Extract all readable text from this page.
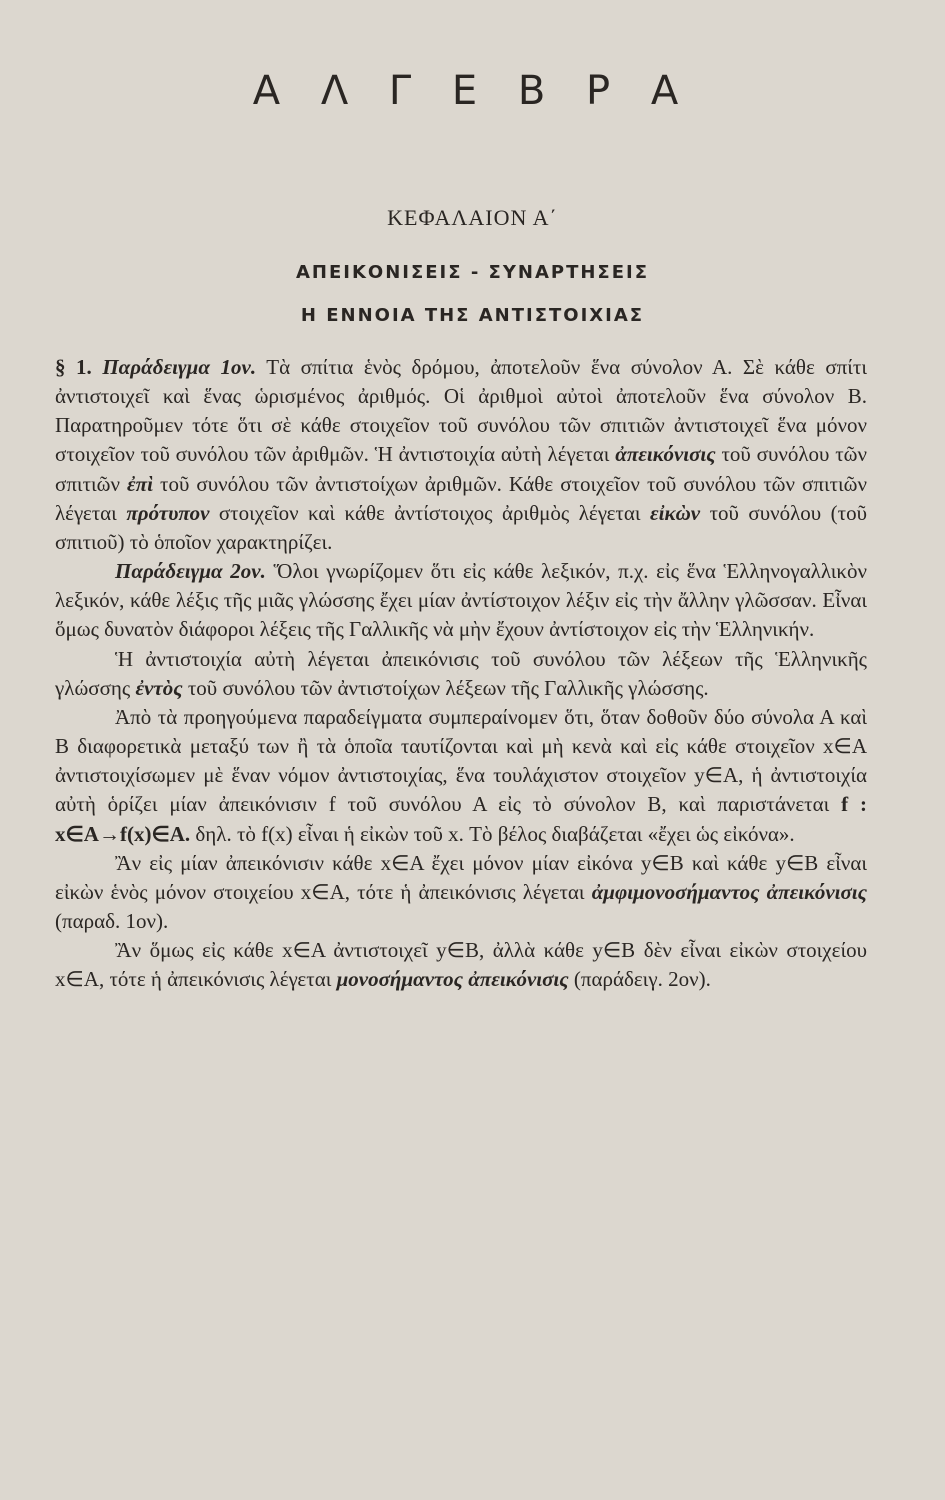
Α Λ Γ Ε Β Ρ Α
ΚΕΦΑΛΑΙΟΝ Α΄
ΑΠΕΙΚΟΝΙΣΕΙΣ - ΣΥΝΑΡΤΗΣΕΙΣ
Η ΕΝΝΟΙΑ ΤΗΣ ΑΝΤΙΣΤΟΙΧΙΑΣ

§ 1. Παράδειγμα 1ον. Τὰ σπίτια ἑνὸς δρόμου, ἀποτελοῦν ἕνα σύνολον Α. Σὲ κάθε σπίτι ἀντιστοιχεῖ καὶ ἕνας ὡρισμένος ἀριθμός. Οἱ ἀριθμοὶ αὐτοὶ ἀποτελοῦν ἕνα σύνολον Β. Παρατηροῦμεν τότε ὅτι σὲ κάθε στοιχεῖον τοῦ συνόλου τῶν σπιτιῶν ἀντιστοιχεῖ ἕνα μόνον στοιχεῖον τοῦ συνόλου τῶν ἀριθμῶν. Ἡ ἀντιστοιχία αὐτὴ λέγεται ἀπεικόνισις τοῦ συνόλου τῶν σπιτιῶν ἐπὶ τοῦ συνόλου τῶν ἀντιστοίχων ἀριθμῶν. Κάθε στοιχεῖον τοῦ συνόλου τῶν σπιτιῶν λέγεται πρότυπον στοιχεῖον καὶ κάθε ἀντίστοιχος ἀριθμὸς λέγεται εἰκὼν τοῦ συνόλου (τοῦ σπιτιοῦ) τὸ ὁποῖον χαρακτηρίζει.

Παράδειγμα 2ον. Ὅλοι γνωρίζομεν ὅτι εἰς κάθε λεξικόν, π.χ. εἰς ἕνα Ἑλληνογαλλικὸν λεξικόν, κάθε λέξις τῆς μιᾶς γλώσσης ἔχει μίαν ἀντίστοιχον λέξιν εἰς τὴν ἄλλην γλῶσσαν. Εἶναι ὅμως δυνατὸν διάφοροι λέξεις τῆς Γαλλικῆς νὰ μὴν ἔχουν ἀντίστοιχον εἰς τὴν Ἑλληνικήν.

Ἡ ἀντιστοιχία αὐτὴ λέγεται ἀπεικόνισις τοῦ συνόλου τῶν λέξεων τῆς Ἑλληνικῆς γλώσσης ἐντὸς τοῦ συνόλου τῶν ἀντιστοίχων λέξεων τῆς Γαλλικῆς γλώσσης.

Ἀπὸ τὰ προηγούμενα παραδείγματα συμπεραίνομεν ὅτι, ὅταν δοθοῦν δύο σύνολα Α καὶ Β διαφορετικὰ μεταξύ των ἢ τὰ ὁποῖα ταυτίζονται καὶ μὴ κενὰ καὶ εἰς κάθε στοιχεῖον x∈A ἀντιστοιχίσωμεν μὲ ἕναν νόμον ἀντιστοιχίας, ἕνα τουλάχιστον στοιχεῖον y∈A, ἡ ἀντιστοιχία αὐτὴ ὁρίζει μίαν ἀπεικόνισιν f τοῦ συνόλου Α εἰς τὸ σύνολον Β, καὶ παριστάνεται f : x∈A→f(x)∈A. δηλ. τὸ f(x) εἶναι ἡ εἰκὼν τοῦ x. Τὸ βέλος διαβάζεται «ἔχει ὡς εἰκόνα».

Ἂν εἰς μίαν ἀπεικόνισιν κάθε x∈A ἔχει μόνον μίαν εἰκόνα y∈B καὶ κάθε y∈B εἶναι εἰκὼν ἑνὸς μόνον στοιχείου x∈A, τότε ἡ ἀπεικόνισις λέγεται ἀμφιμονοσήμαντος ἀπεικόνισις (παραδ. 1ον).

Ἂν ὅμως εἰς κάθε x∈A ἀντιστοιχεῖ y∈B, ἀλλὰ κάθε y∈B δὲν εἶναι εἰκὼν στοιχείου x∈A, τότε ἡ ἀπεικόνισις λέγεται μονοσήμαντος ἀπεικόνισις (παράδειγ. 2ον).
